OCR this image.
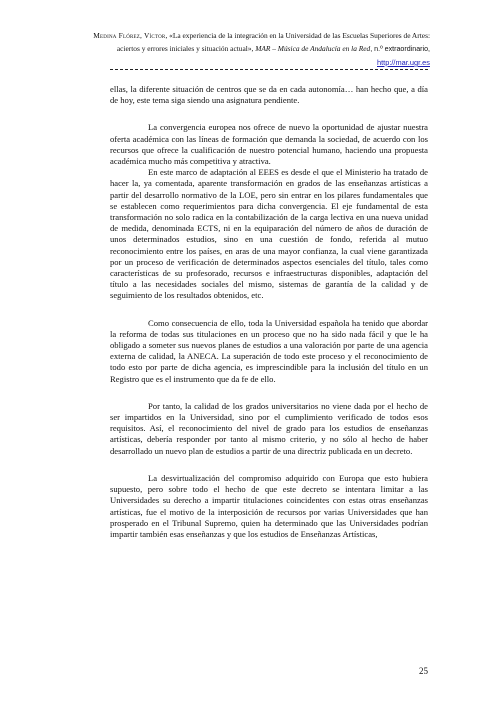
Medina Flórez, Víctor, «La experiencia de la integración en la Universidad de las Escuelas Superiores de Artes: aciertos y errores iniciales y situación actual», MAR – Música de Andalucía en la Red, n.º extraordinario, http://mar.ugr.es

ellas, la diferente situación de centros que se da en cada autonomía… han hecho que, a día de hoy, este tema siga siendo una asignatura pendiente.

La convergencia europea nos ofrece de nuevo la oportunidad de ajustar nuestra oferta académica con las líneas de formación que demanda la sociedad, de acuerdo con los recursos que ofrece la cualificación de nuestro potencial humano, haciendo una propuesta académica mucho más competitiva y atractiva.

En este marco de adaptación al EEES es desde el que el Ministerio ha tratado de hacer la, ya comentada, aparente transformación en grados de las enseñanzas artísticas a partir del desarrollo normativo de la LOE, pero sin entrar en los pilares fundamentales que se establecen como requerimientos para dicha convergencia. El eje fundamental de esta transformación no solo radica en la contabilización de la carga lectiva en una nueva unidad de medida, denominada ECTS, ni en la equiparación del número de años de duración de unos determinados estudios, sino en una cuestión de fondo, referida al mutuo reconocimiento entre los países, en aras de una mayor confianza, la cual viene garantizada por un proceso de verificación de determinados aspectos esenciales del título, tales como características de su profesorado, recursos e infraestructuras disponibles, adaptación del título a las necesidades sociales del mismo, sistemas de garantía de la calidad y de seguimiento de los resultados obtenidos, etc.

Como consecuencia de ello, toda la Universidad española ha tenido que abordar la reforma de todas sus titulaciones en un proceso que no ha sido nada fácil y que le ha obligado a someter sus nuevos planes de estudios a una valoración por parte de una agencia externa de calidad, la ANECA. La superación de todo este proceso y el reconocimiento de todo esto por parte de dicha agencia, es imprescindible para la inclusión del título en un Registro que es el instrumento que da fe de ello.

Por tanto, la calidad de los grados universitarios no viene dada por el hecho de ser impartidos en la Universidad, sino por el cumplimiento verificado de todos esos requisitos. Así, el reconocimiento del nivel de grado para los estudios de enseñanzas artísticas, debería responder por tanto al mismo criterio, y no sólo al hecho de haber desarrollado un nuevo plan de estudios a partir de una directriz publicada en un decreto.

La desvirtualización del compromiso adquirido con Europa que esto hubiera supuesto, pero sobre todo el hecho de que este decreto se intentara limitar a las Universidades su derecho a impartir titulaciones coincidentes con estas otras enseñanzas artísticas, fue el motivo de la interposición de recursos por varias Universidades que han prosperado en el Tribunal Supremo, quien ha determinado que las Universidades podrían impartir también esas enseñanzas y que los estudios de Enseñanzas Artísticas,

25
